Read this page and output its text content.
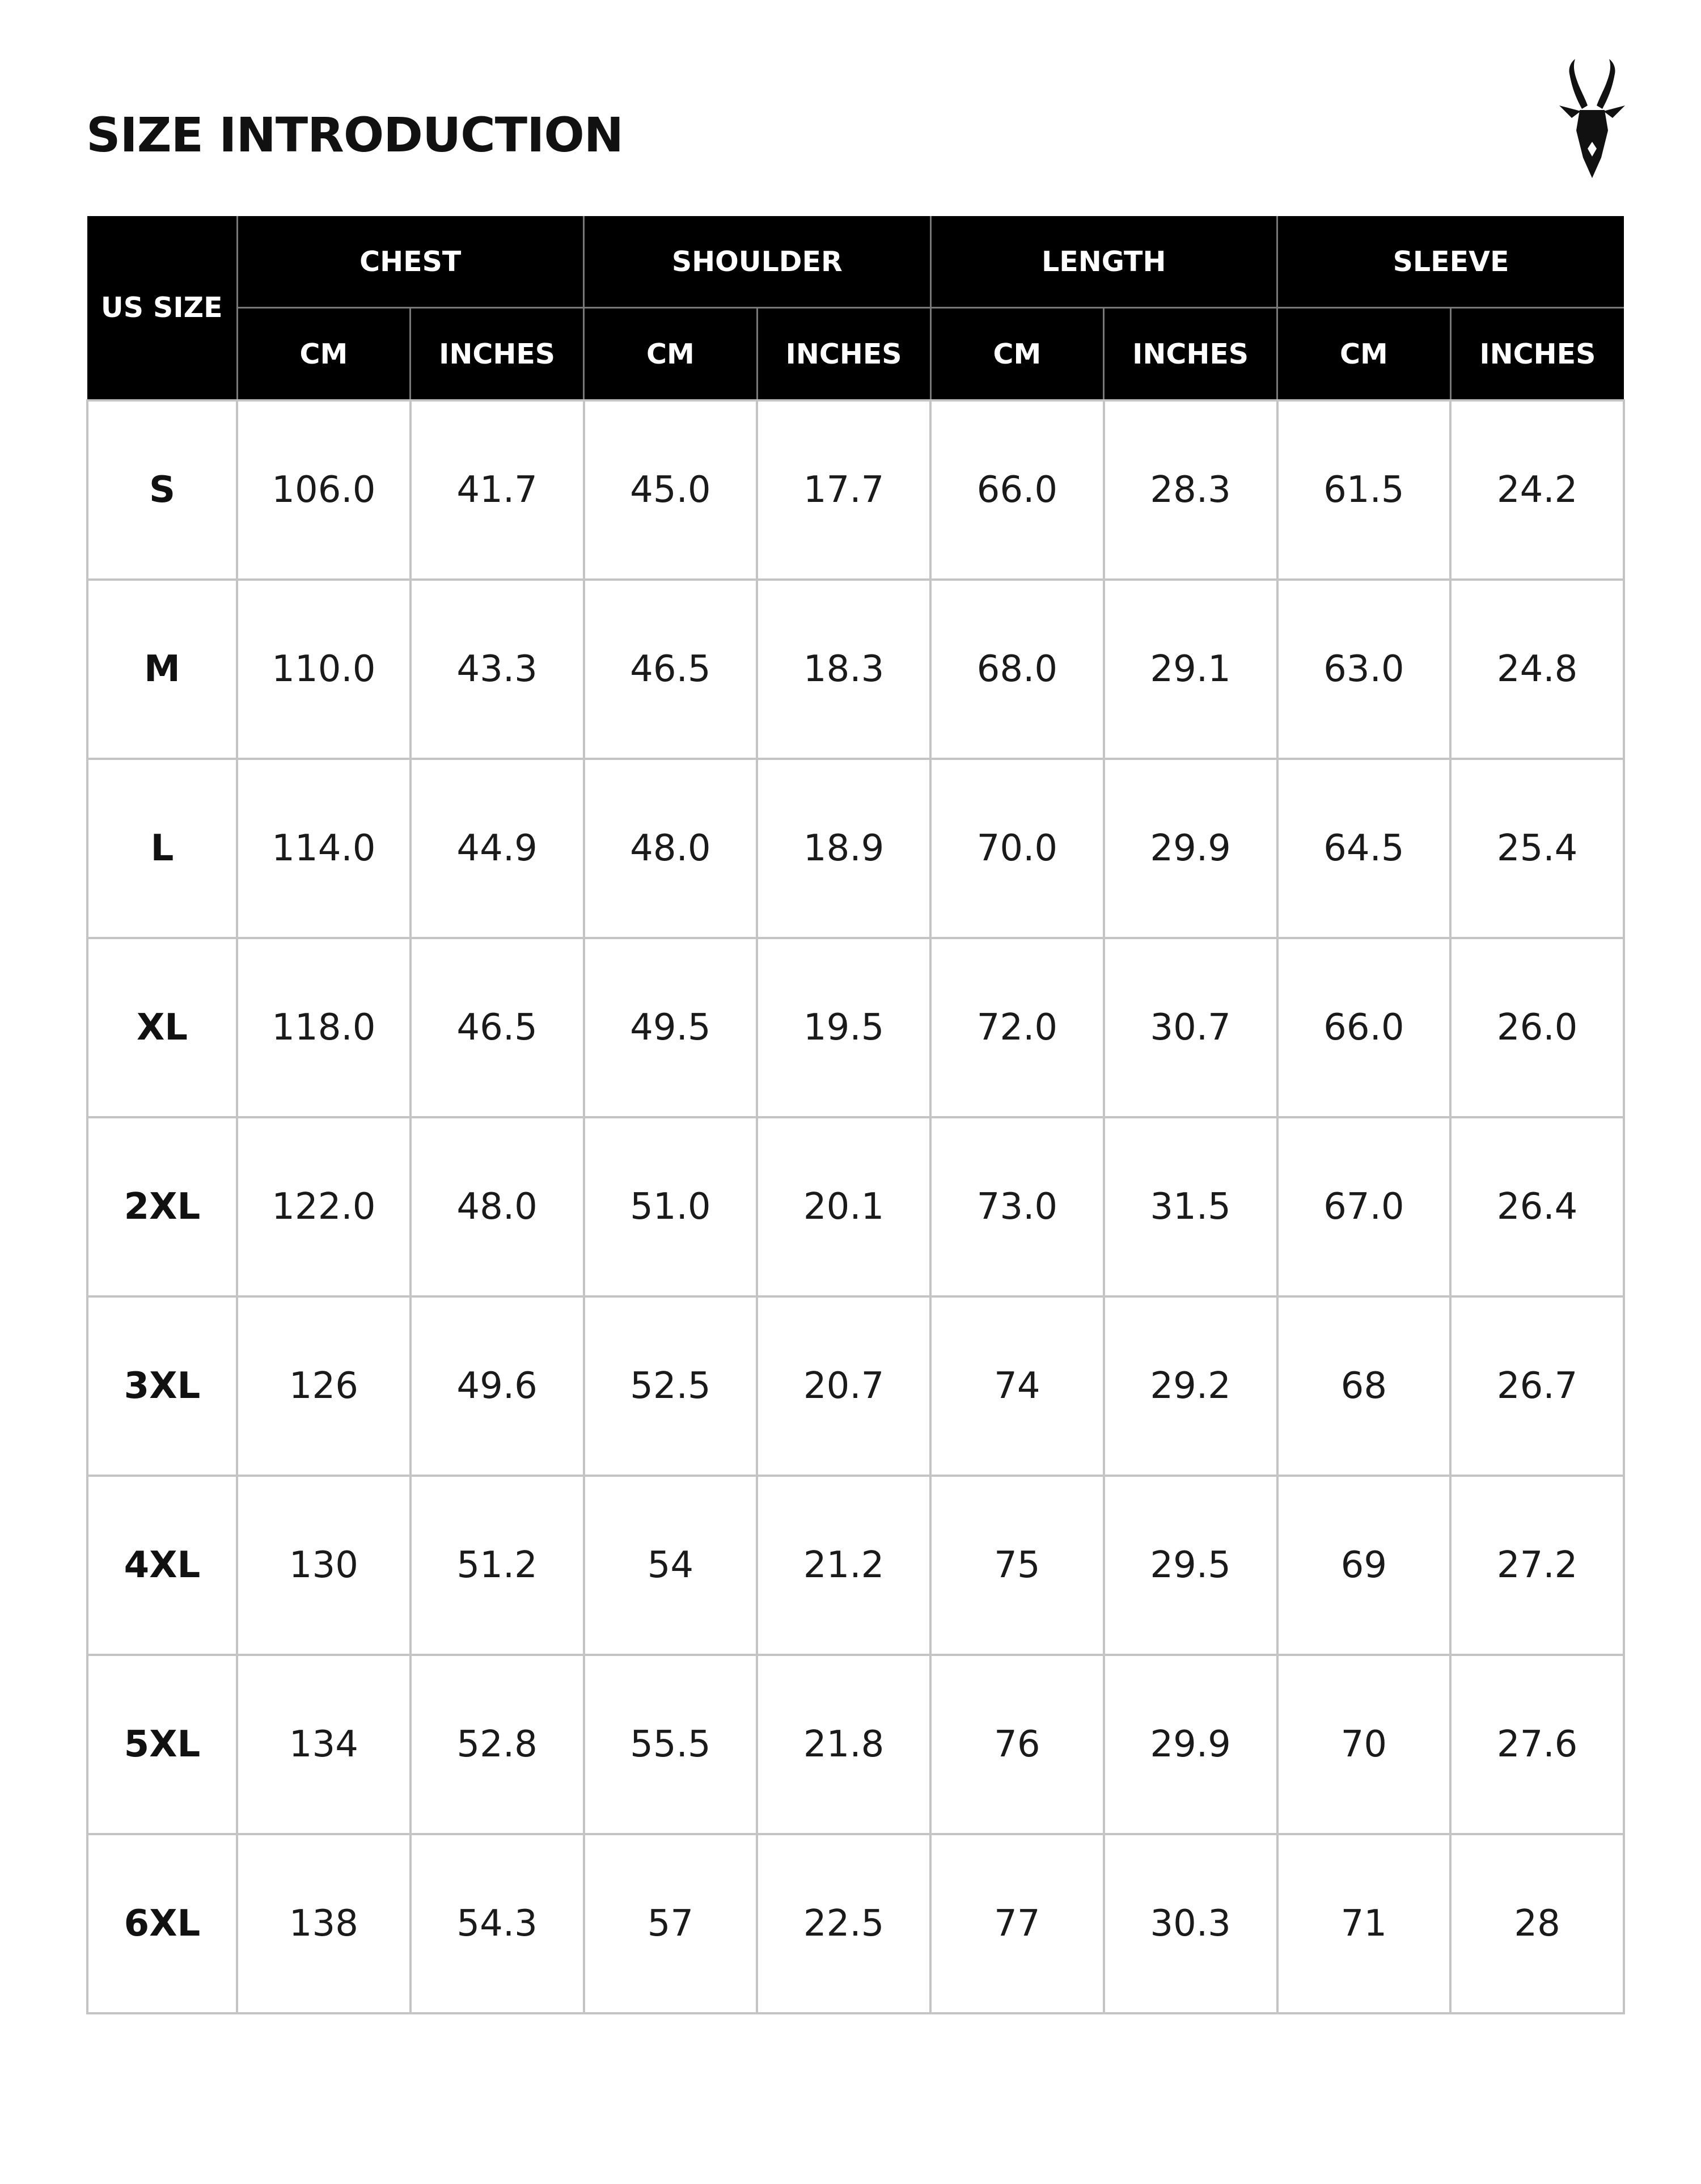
SIZE INTRODUCTION
US SIZE	CHEST		SHOULDER		LENGTH		SLEEVE	
	CM	INCHES	CM	INCHES	CM	INCHES	CM	INCHES
S	106.0	41.7	45.0	17.7	66.0	28.3	61.5	24.2
M	110.0	43.3	46.5	18.3	68.0	29.1	63.0	24.8
L	114.0	44.9	48.0	18.9	70.0	29.9	64.5	25.4
XL	118.0	46.5	49.5	19.5	72.0	30.7	66.0	26.0
2XL	122.0	48.0	51.0	20.1	73.0	31.5	67.0	26.4
3XL	126	49.6	52.5	20.7	74	29.2	68	26.7
4XL	130	51.2	54	21.2	75	29.5	69	27.2
5XL	134	52.8	55.5	21.8	76	29.9	70	27.6
6XL	138	54.3	57	22.5	77	30.3	71	28
